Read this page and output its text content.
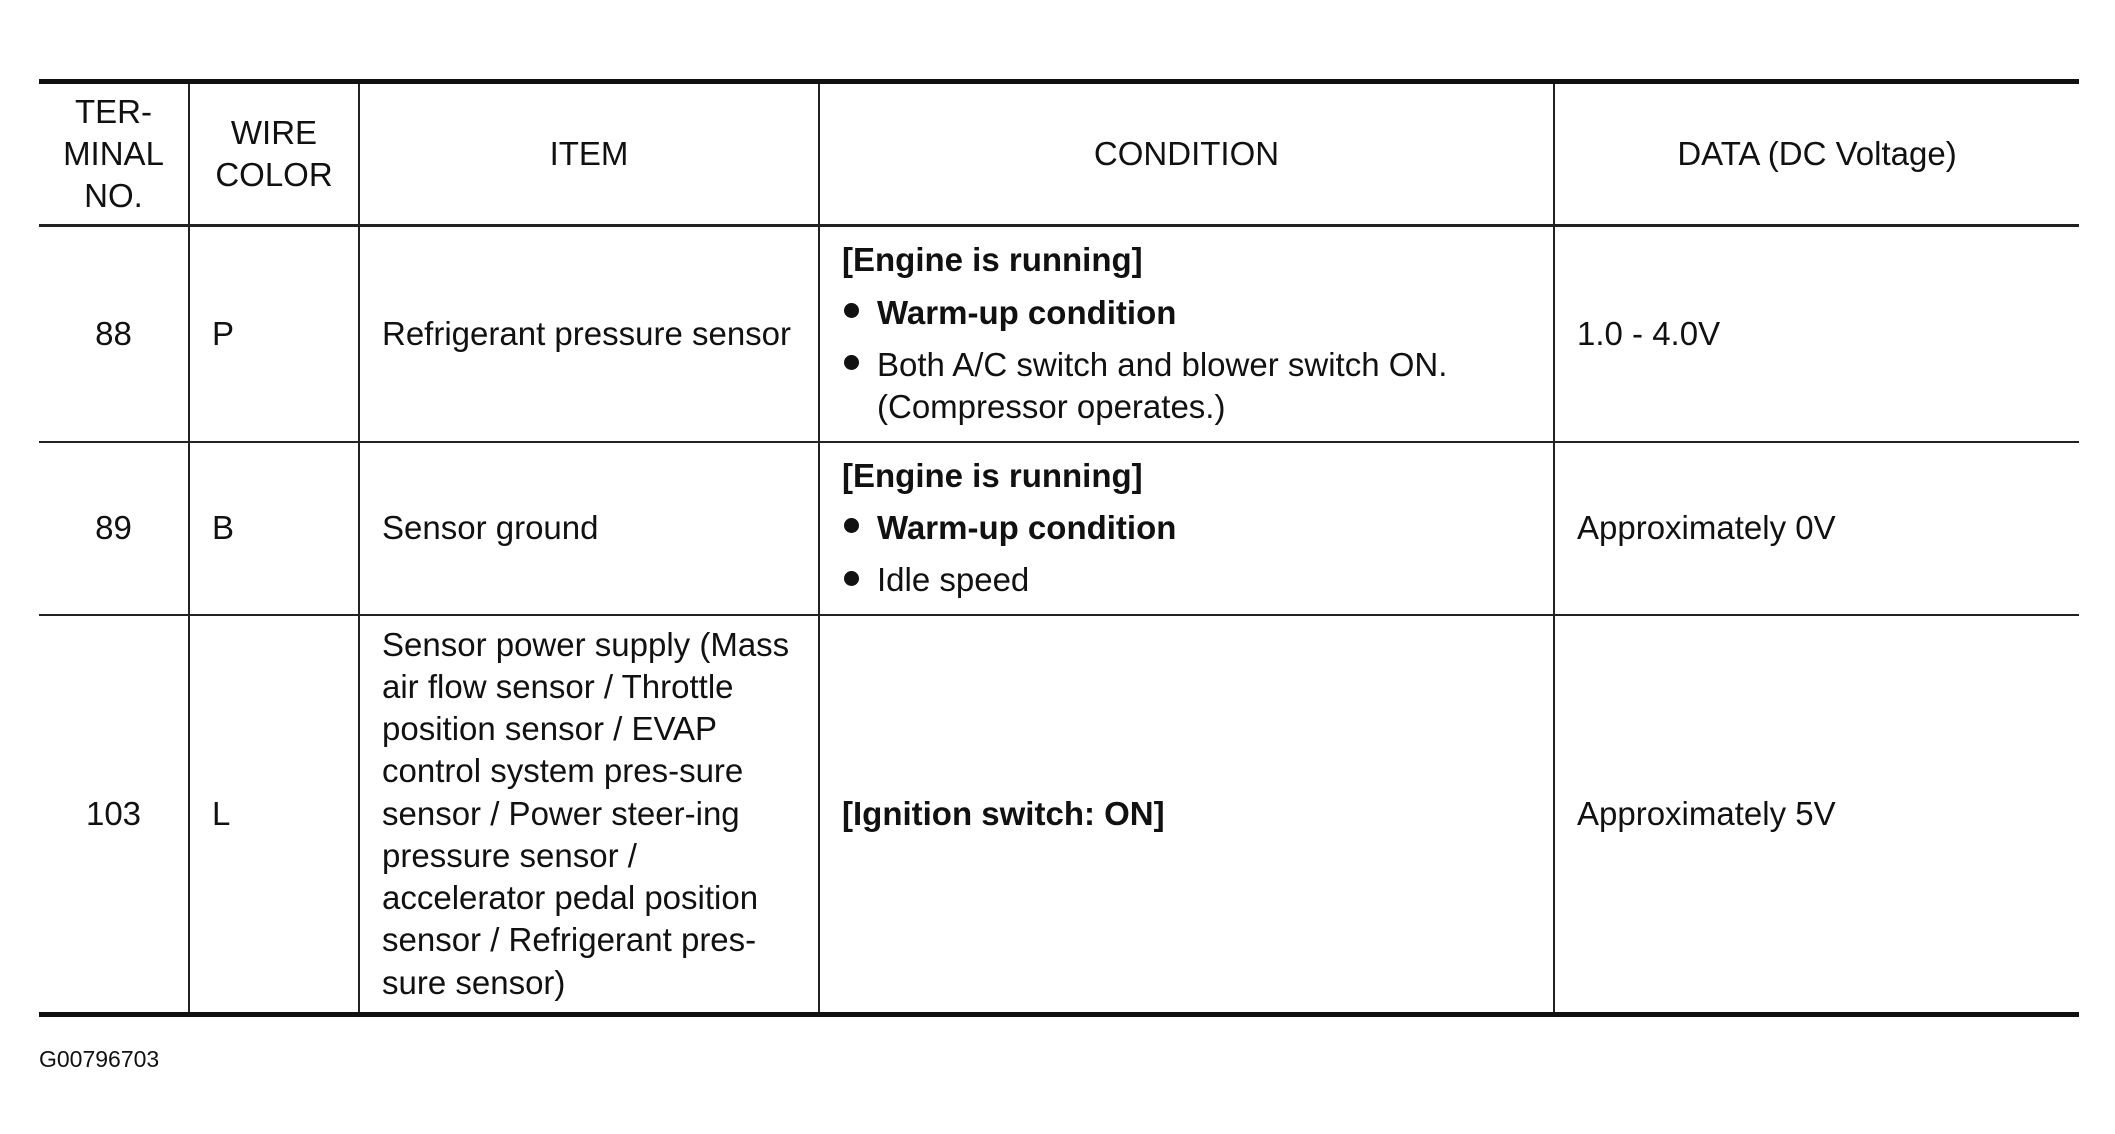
TER-
MINAL
NO.	WIRE
COLOR	ITEM	CONDITION	DATA (DC Voltage)
88	P	Refrigerant pressure sensor	[Engine is running]
Warm-up condition
Both A/C switch and blower switch ON. (Compressor operates.)	1.0 - 4.0V
89	B	Sensor ground	[Engine is running]
Warm-up condition
Idle speed	Approximately 0V
103	L	Sensor power supply (Mass air flow sensor / Throttle position sensor / EVAP control system pres-sure sensor / Power steer-ing pressure sensor / accelerator pedal position sensor / Refrigerant pres-sure sensor)	[Ignition switch: ON]	Approximately 5V
G00796703
